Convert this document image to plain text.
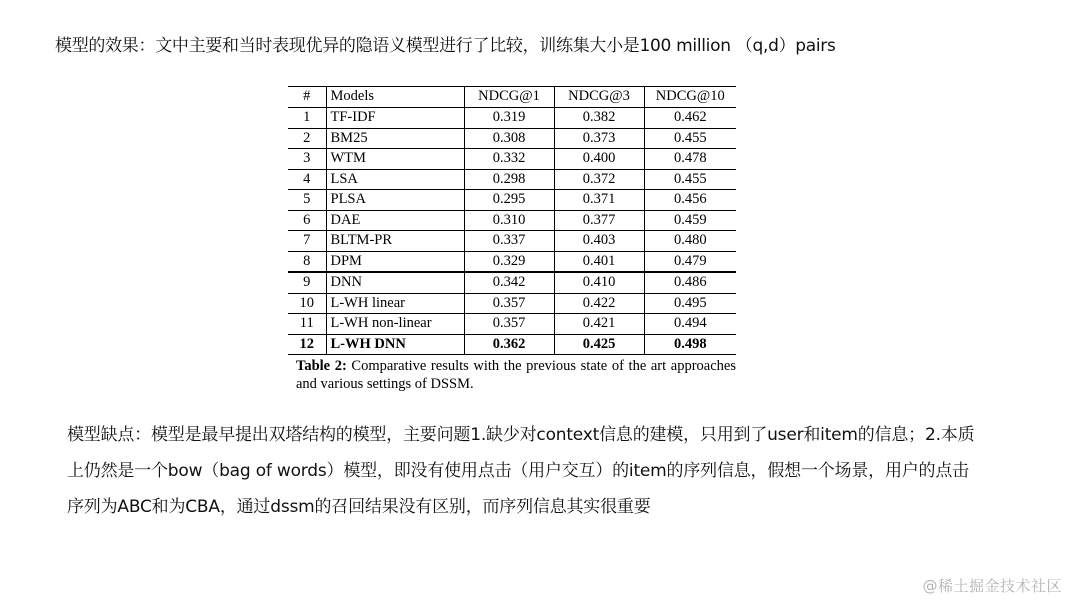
模型的效果：文中主要和当时表现优异的隐语义模型进行了比较，训练集大小是100 million （q,d）pairs
#	Models	NDCG@1	NDCG@3	NDCG@10
1	TF-IDF	0.319	0.382	0.462
2	BM25	0.308	0.373	0.455
3	WTM	0.332	0.400	0.478
4	LSA	0.298	0.372	0.455
5	PLSA	0.295	0.371	0.456
6	DAE	0.310	0.377	0.459
7	BLTM-PR	0.337	0.403	0.480
8	DPM	0.329	0.401	0.479
9	DNN	0.342	0.410	0.486
10	L-WH linear	0.357	0.422	0.495
11	L-WH non-linear	0.357	0.421	0.494
12	L-WH DNN	0.362	0.425	0.498
Table 2: Comparative results with the previous state of the art approaches and various settings of DSSM.
模型缺点：模型是最早提出双塔结构的模型，主要问题1.缺少对context信息的建模，只用到了user和item的信息；2.本质上仍然是一个bow（bag of words）模型，即没有使用点击（用户交互）的item的序列信息，假想一个场景，用户的点击序列为ABC和为CBA，通过dssm的召回结果没有区别，而序列信息其实很重要
@稀土掘金技术社区
